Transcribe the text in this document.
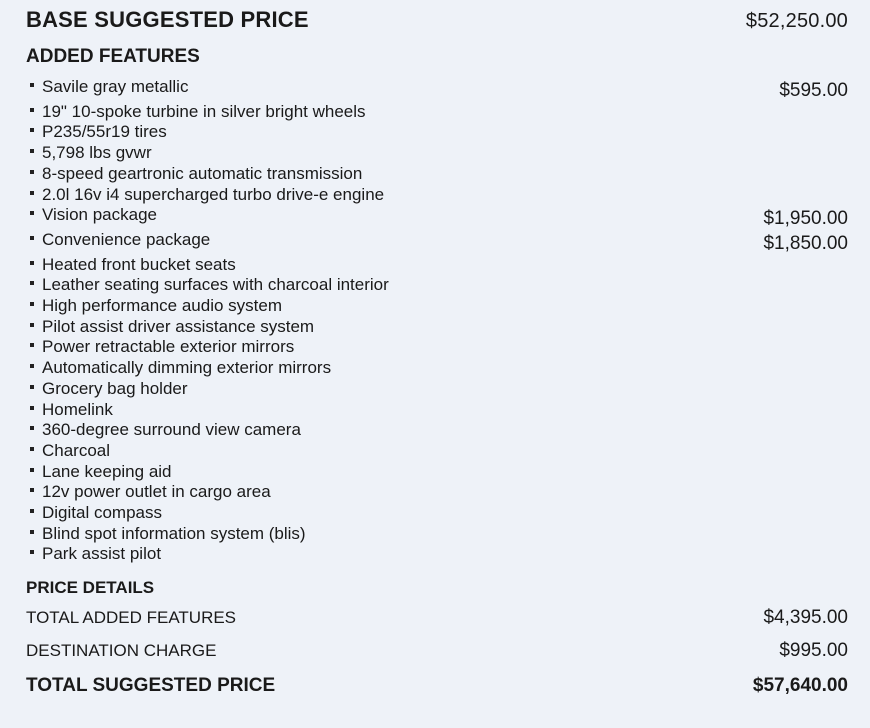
BASE SUGGESTED PRICE	$52,250.00
ADDED FEATURES
Savile gray metallic	$595.00
19" 10-spoke turbine in silver bright wheels
P235/55r19 tires
5,798 lbs gvwr
8-speed geartronic automatic transmission
2.0l 16v i4 supercharged turbo drive-e engine
Vision package	$1,950.00
Convenience package	$1,850.00
Heated front bucket seats
Leather seating surfaces with charcoal interior
High performance audio system
Pilot assist driver assistance system
Power retractable exterior mirrors
Automatically dimming exterior mirrors
Grocery bag holder
Homelink
360-degree surround view camera
Charcoal
Lane keeping aid
12v power outlet in cargo area
Digital compass
Blind spot information system (blis)
Park assist pilot
PRICE DETAILS
TOTAL ADDED FEATURES	$4,395.00
DESTINATION CHARGE	$995.00
TOTAL SUGGESTED PRICE	$57,640.00
